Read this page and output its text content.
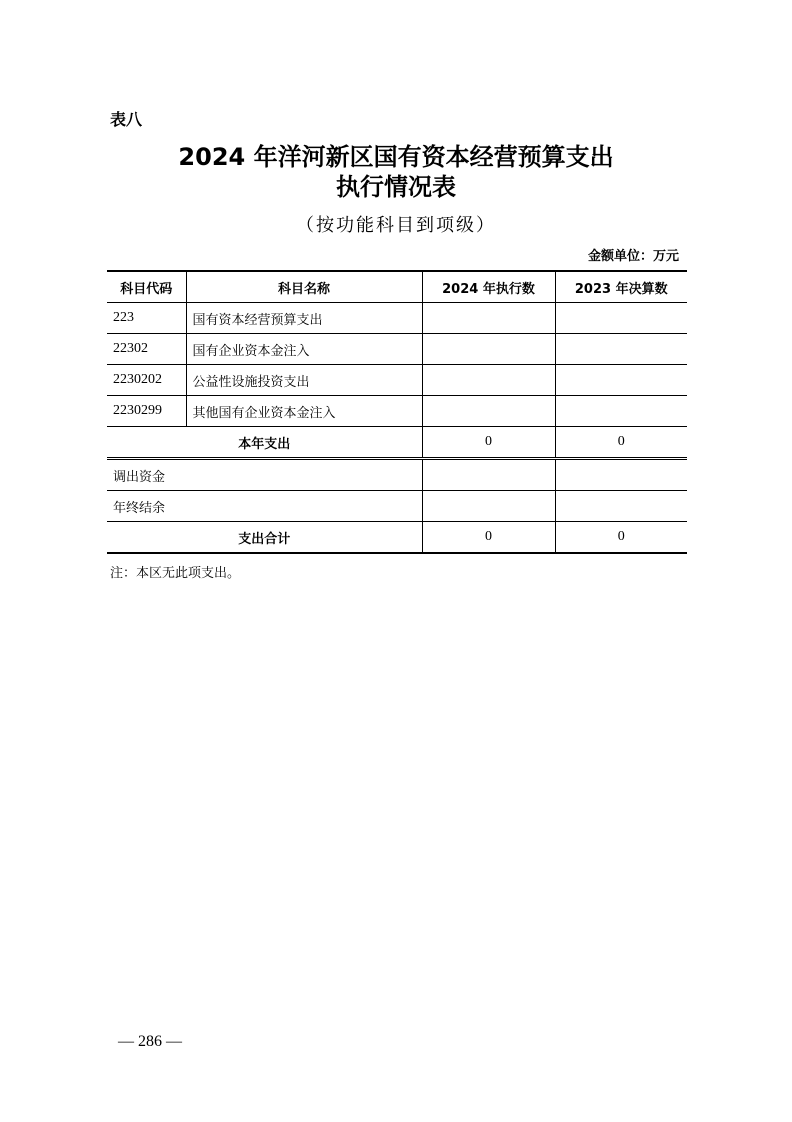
表八
2024 年洋河新区国有资本经营预算支出
执行情况表
（按功能科目到项级）
金额单位：万元
科目代码	科目名称	2024 年执行数	2023 年决算数
223	国有资本经营预算支出		
22302	国有企业资本金注入		
2230202	公益性设施投资支出		
2230299	其他国有企业资本金注入		
本年支出		0	0
调出资金			
年终结余			
支出合计		0	0
注：本区无此项支出。
— 286 —
